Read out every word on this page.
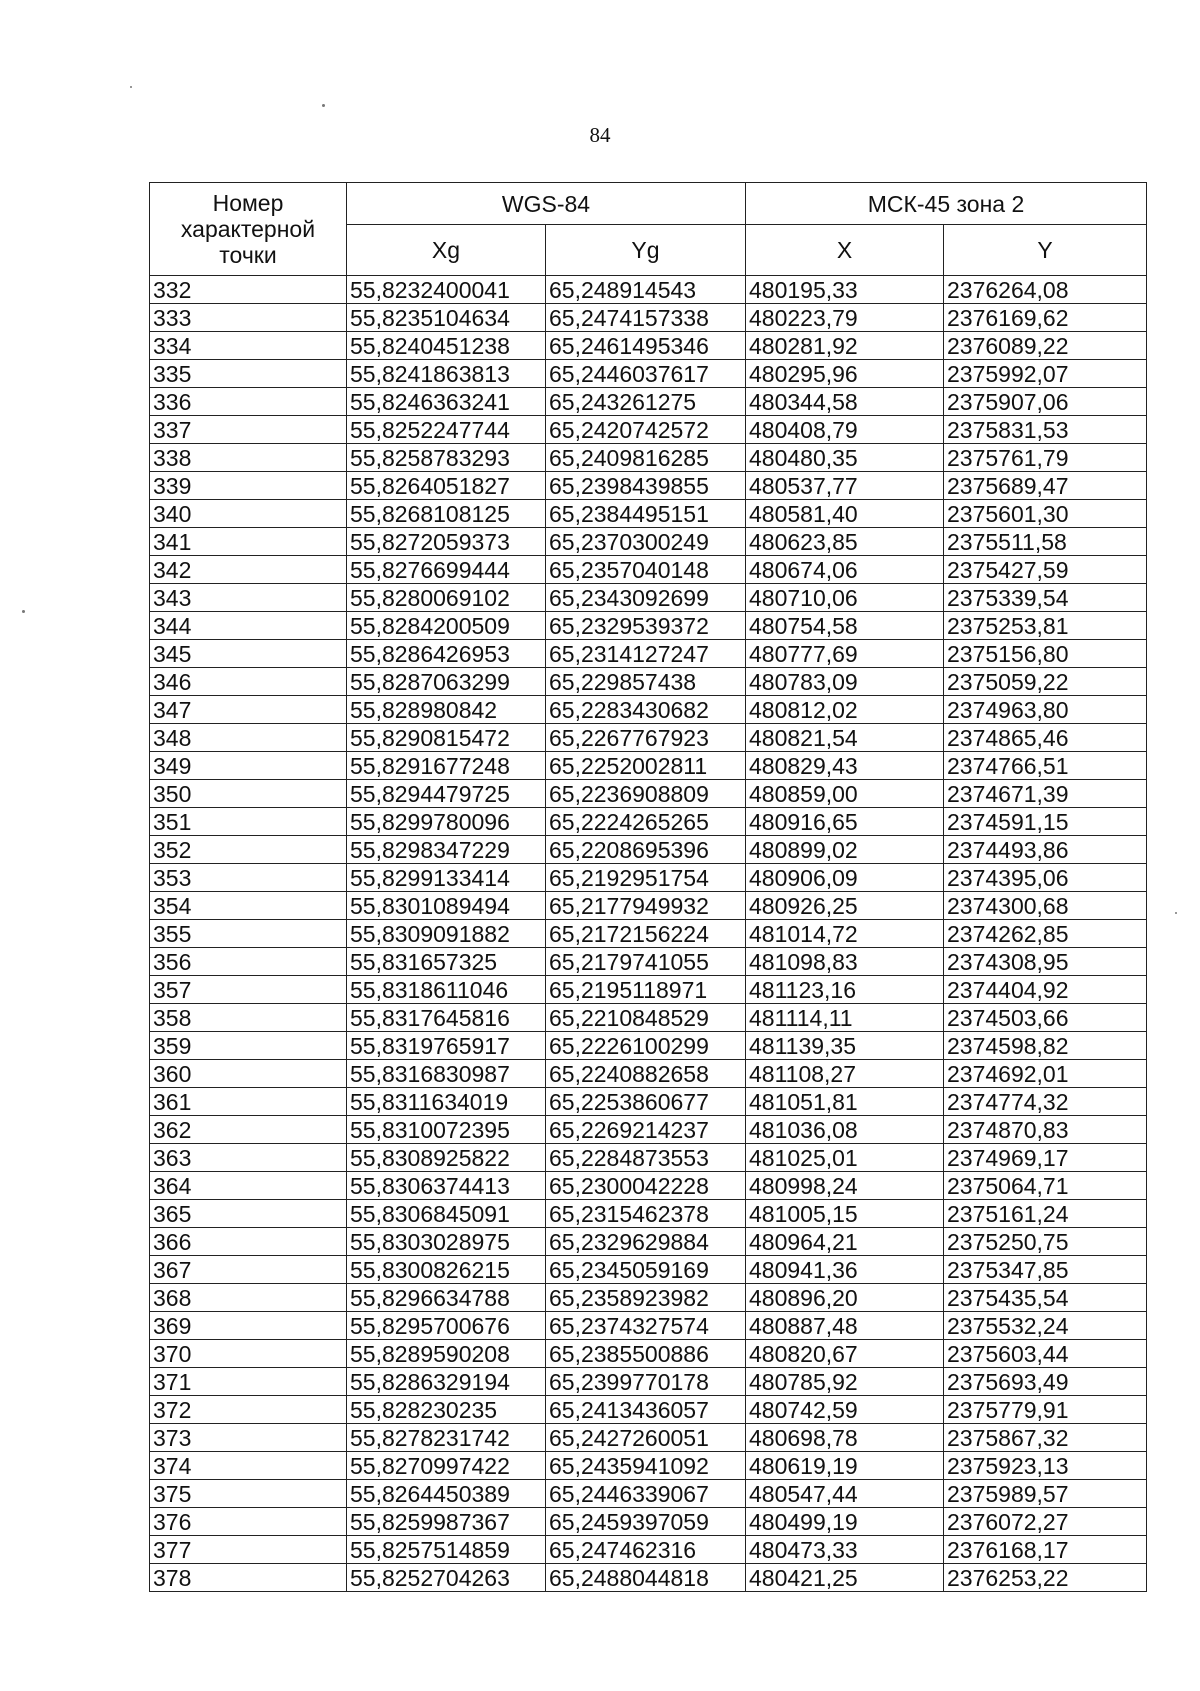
84
Номер характерной точки	WGS-84		МСК-45 зона 2	
	Xg	Yg	X	Y
332	55,8232400041	65,248914543	480195,33	2376264,08
333	55,8235104634	65,2474157338	480223,79	2376169,62
334	55,8240451238	65,2461495346	480281,92	2376089,22
335	55,8241863813	65,2446037617	480295,96	2375992,07
336	55,8246363241	65,243261275	480344,58	2375907,06
337	55,8252247744	65,2420742572	480408,79	2375831,53
338	55,8258783293	65,2409816285	480480,35	2375761,79
339	55,8264051827	65,2398439855	480537,77	2375689,47
340	55,8268108125	65,2384495151	480581,40	2375601,30
341	55,8272059373	65,2370300249	480623,85	2375511,58
342	55,8276699444	65,2357040148	480674,06	2375427,59
343	55,8280069102	65,2343092699	480710,06	2375339,54
344	55,8284200509	65,2329539372	480754,58	2375253,81
345	55,8286426953	65,2314127247	480777,69	2375156,80
346	55,8287063299	65,229857438	480783,09	2375059,22
347	55,828980842	65,2283430682	480812,02	2374963,80
348	55,8290815472	65,2267767923	480821,54	2374865,46
349	55,8291677248	65,2252002811	480829,43	2374766,51
350	55,8294479725	65,2236908809	480859,00	2374671,39
351	55,8299780096	65,2224265265	480916,65	2374591,15
352	55,8298347229	65,2208695396	480899,02	2374493,86
353	55,8299133414	65,2192951754	480906,09	2374395,06
354	55,8301089494	65,2177949932	480926,25	2374300,68
355	55,8309091882	65,2172156224	481014,72	2374262,85
356	55,831657325	65,2179741055	481098,83	2374308,95
357	55,8318611046	65,2195118971	481123,16	2374404,92
358	55,8317645816	65,2210848529	481114,11	2374503,66
359	55,8319765917	65,2226100299	481139,35	2374598,82
360	55,8316830987	65,2240882658	481108,27	2374692,01
361	55,8311634019	65,2253860677	481051,81	2374774,32
362	55,8310072395	65,2269214237	481036,08	2374870,83
363	55,8308925822	65,2284873553	481025,01	2374969,17
364	55,8306374413	65,2300042228	480998,24	2375064,71
365	55,8306845091	65,2315462378	481005,15	2375161,24
366	55,8303028975	65,2329629884	480964,21	2375250,75
367	55,8300826215	65,2345059169	480941,36	2375347,85
368	55,8296634788	65,2358923982	480896,20	2375435,54
369	55,8295700676	65,2374327574	480887,48	2375532,24
370	55,8289590208	65,2385500886	480820,67	2375603,44
371	55,8286329194	65,2399770178	480785,92	2375693,49
372	55,828230235	65,2413436057	480742,59	2375779,91
373	55,8278231742	65,2427260051	480698,78	2375867,32
374	55,8270997422	65,2435941092	480619,19	2375923,13
375	55,8264450389	65,2446339067	480547,44	2375989,57
376	55,8259987367	65,2459397059	480499,19	2376072,27
377	55,8257514859	65,247462316	480473,33	2376168,17
378	55,8252704263	65,2488044818	480421,25	2376253,22
